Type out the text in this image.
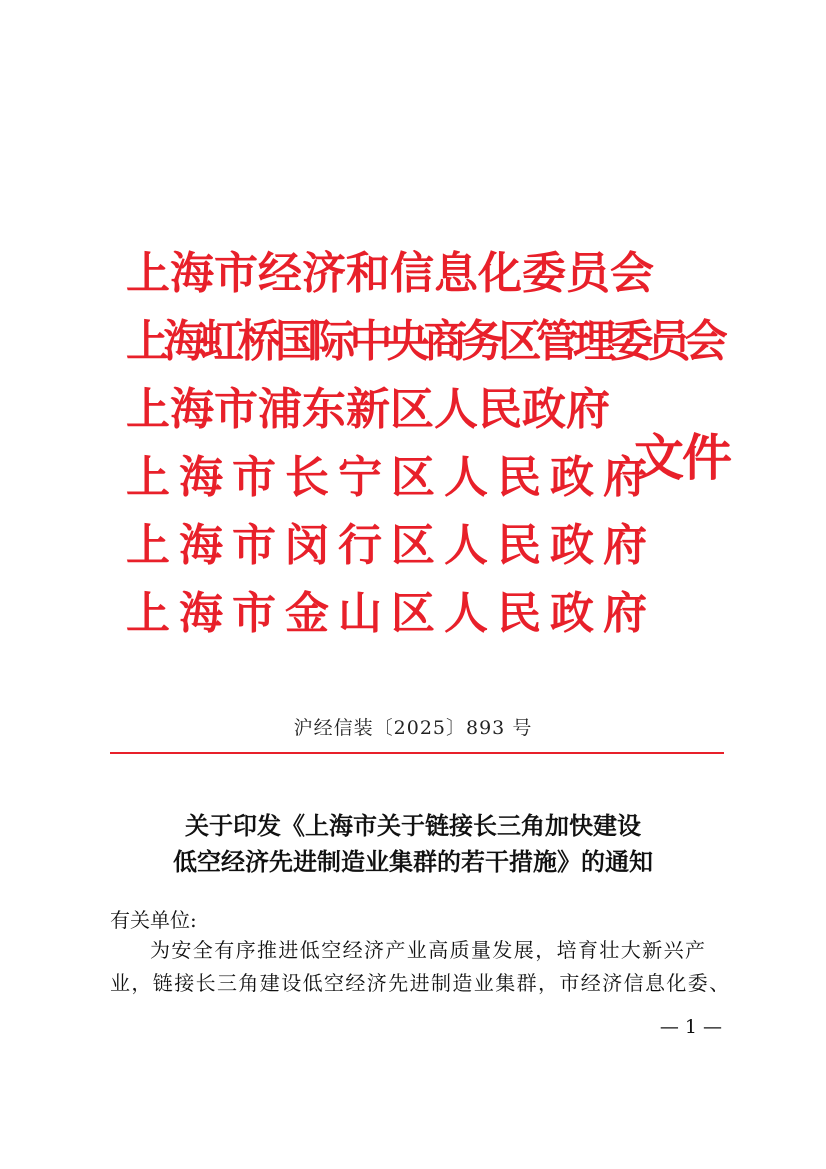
上海市经济和信息化委员会
上海虹桥国际中央商务区管理委员会
上海市浦东新区人民政府
上海市长宁区人民政府
上海市闵行区人民政府
上海市金山区人民政府
文件
沪经信装〔2025〕893 号
关于印发《上海市关于链接长三角加快建设
低空经济先进制造业集群的若干措施》的通知
有关单位:
为安全有序推进低空经济产业高质量发展，培育壮大新兴产
业，链接长三角建设低空经济先进制造业集群，市经济信息化委、
— 1 —
